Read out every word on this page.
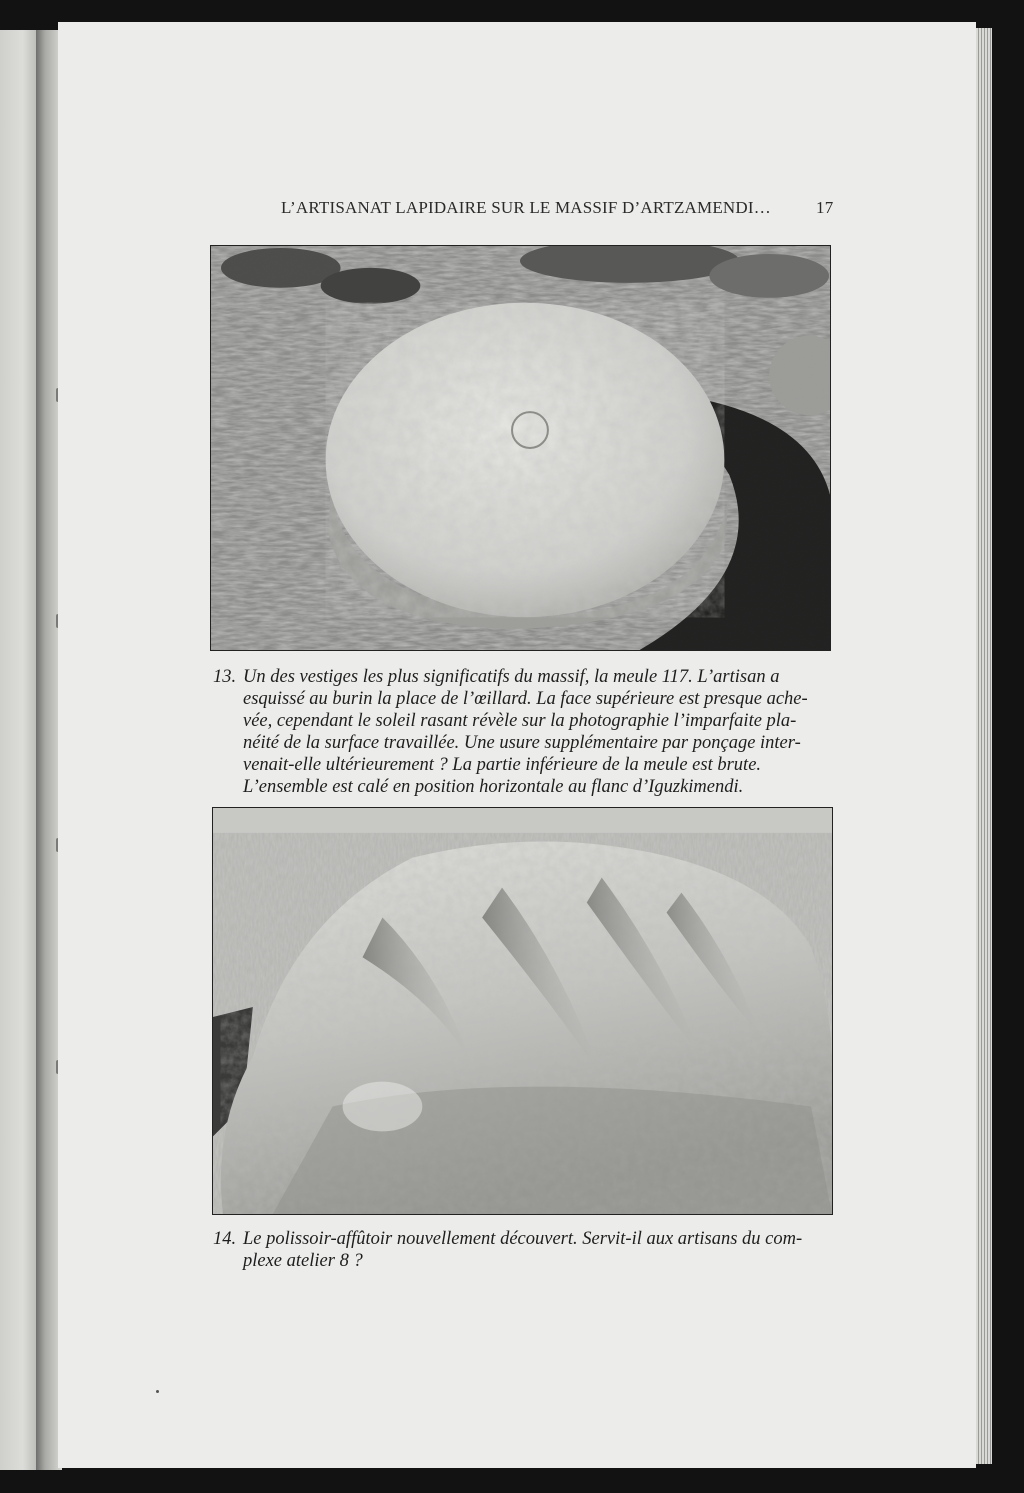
L’ARTISANAT LAPIDAIRE SUR LE MASSIF D’ARTZAMENDI…	17
13. Un des vestiges les plus significatifs du massif, la meule 117. L’artisan a
esquissé au burin la place de l’œillard. La face supérieure est presque ache-
vée, cependant le soleil rasant révèle sur la photographie l’imparfaite pla-
néité de la surface travaillée. Une usure supplémentaire par ponçage inter-
venait-elle ultérieurement ? La partie inférieure de la meule est brute.
L’ensemble est calé en position horizontale au flanc d’Iguzkimendi.
14. Le polissoir-affûtoir nouvellement découvert. Servit-il aux artisans du com-
plexe atelier 8 ?
